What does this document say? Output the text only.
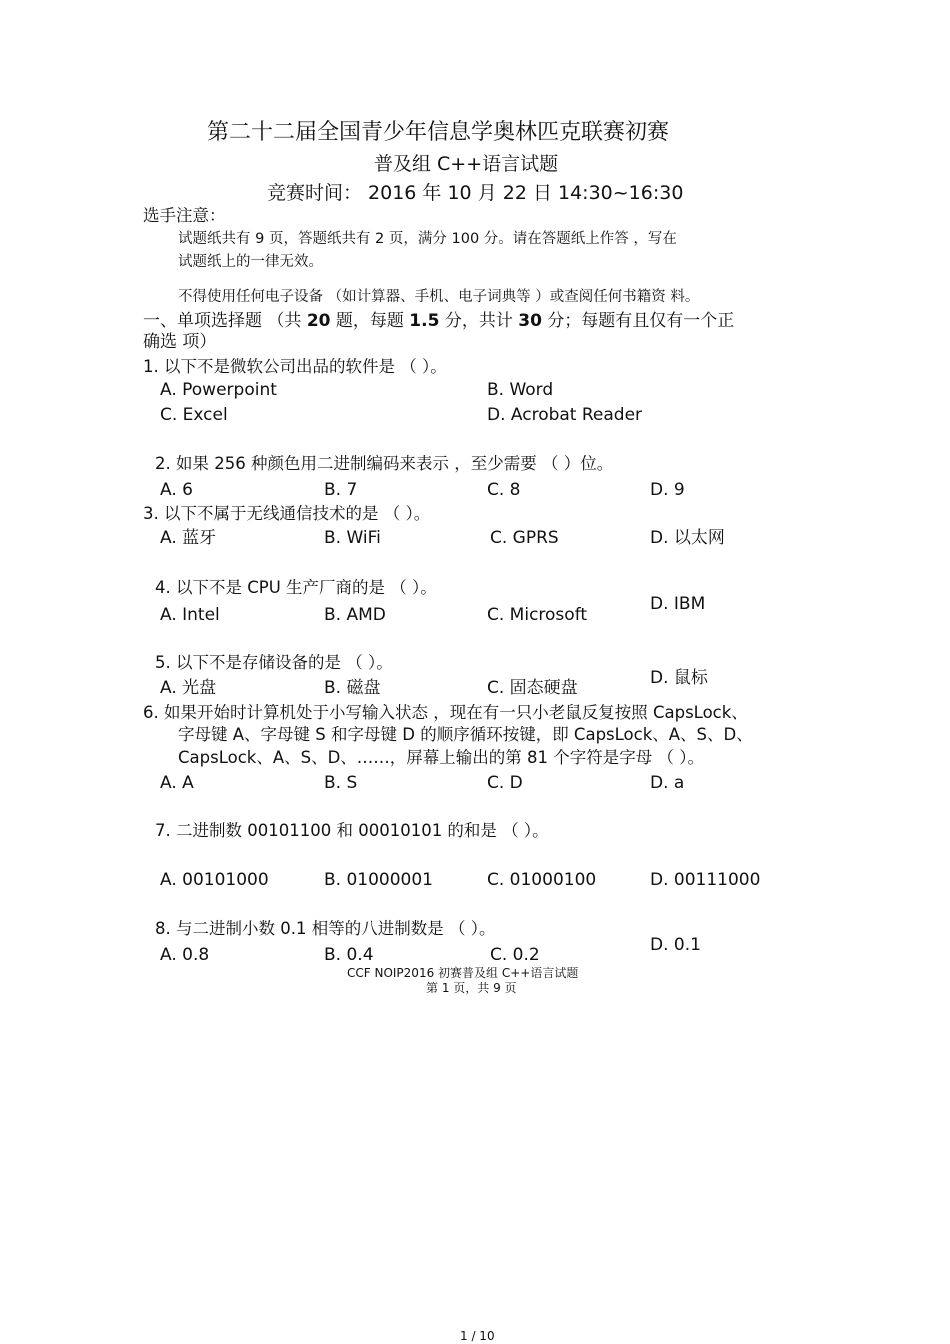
第二十二届全国青少年信息学奥林匹克联赛初赛
普及组 C++语言试题
竞赛时间： 2016 年 10 月 22 日 14:30~16:30
选手注意：
试题纸共有 9 页，答题纸共有 2 页，满分 100 分。请在答题纸上作答 ，写在
试题纸上的一律无效。
不得使用任何电子设备 （如计算器、手机、电子词典等 ）或查阅任何书籍资 料。
一、单项选择题 （共 20 题，每题 1.5 分，共计 30 分；每题有且仅有一个正
确选 项）
1. 以下不是微软公司出品的软件是 （ ）。
A. Powerpoint	B. Word
C. Excel	D. Acrobat Reader
2. 如果 256 种颜色用二进制编码来表示 ，至少需要 （ ）位。
A. 6	B. 7	C. 8	D. 9
3. 以下不属于无线通信技术的是 （ ）。
A. 蓝牙	B. WiFi	C. GPRS	D. 以太网
4. 以下不是 CPU 生产厂商的是 （ ）。
A. Intel	B. AMD	C. Microsoft
D. IBM
5. 以下不是存储设备的是 （ ）。
A. 光盘	B. 磁盘	C. 固态硬盘	D. 鼠标
6. 如果开始时计算机处于小写输入状态 ，现在有一只小老鼠反复按照 CapsLock、
字母键 A、字母键 S 和字母键 D 的顺序循环按键，即 CapsLock、A、S、D、
CapsLock、A、S、D、……，屏幕上输出的第 81 个字符是字母 （ ）。
A. A	B. S	C. D	D. a
7. 二进制数 00101100 和 00010101 的和是 （ ）。
A. 00101000	B. 01000001	C. 01000100	D. 00111000
8. 与二进制小数 0.1 相等的八进制数是 （ ）。
A. 0.8	B. 0.4	C. 0.2	D. 0.1
CCF NOIP2016 初赛普及组 C++语言试题
第 1 页，共 9 页
1 / 10
